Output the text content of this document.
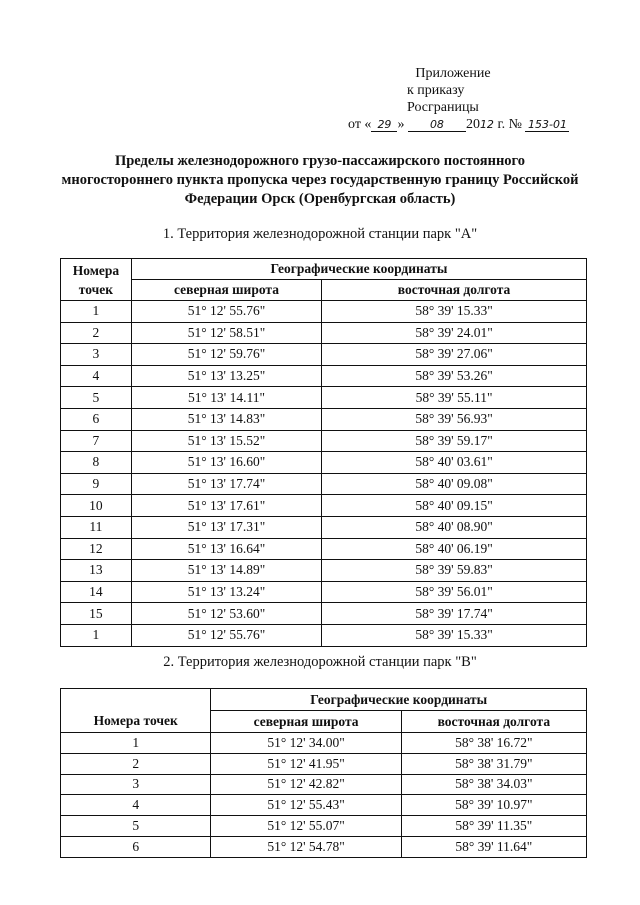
Приложение
к приказу Росграницы
от « 29 » 08 2012 г. № 153-01
Пределы железнодорожного грузо-пассажирского постоянного многостороннего пункта пропуска через государственную границу Российской Федерации Орск (Оренбургская область)
1. Территория железнодорожной станции парк "А"
Номера точек	Географические координаты	
	северная широта	восточная долгота
1	51° 12' 55.76"	58° 39' 15.33"
2	51° 12' 58.51"	58° 39' 24.01"
3	51° 12' 59.76"	58° 39' 27.06"
4	51° 13' 13.25"	58° 39' 53.26"
5	51° 13' 14.11"	58° 39' 55.11"
6	51° 13' 14.83"	58° 39' 56.93"
7	51° 13' 15.52"	58° 39' 59.17"
8	51° 13' 16.60"	58° 40' 03.61"
9	51° 13' 17.74"	58° 40' 09.08"
10	51° 13' 17.61"	58° 40' 09.15"
11	51° 13' 17.31"	58° 40' 08.90"
12	51° 13' 16.64"	58° 40' 06.19"
13	51° 13' 14.89"	58° 39' 59.83"
14	51° 13' 13.24"	58° 39' 56.01"
15	51° 12' 53.60"	58° 39' 17.74"
1	51° 12' 55.76"	58° 39' 15.33"
2. Территория железнодорожной станции парк "В"
Номера точек	Географические координаты	
	северная широта	восточная долгота
1	51° 12' 34.00"	58° 38' 16.72"
2	51° 12' 41.95"	58° 38' 31.79"
3	51° 12' 42.82"	58° 38' 34.03"
4	51° 12' 55.43"	58° 39' 10.97"
5	51° 12' 55.07"	58° 39' 11.35"
6	51° 12' 54.78"	58° 39' 11.64"
